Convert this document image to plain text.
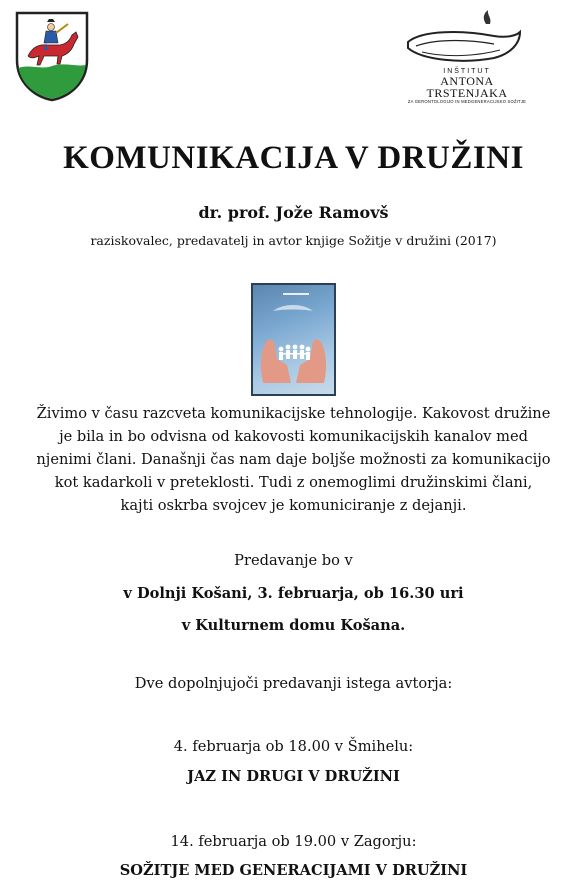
INŠTITUT
ANTONA TRSTENJAKA
ZA GERONTOLOGIJO IN MEDGENERACIJSKO SOŽITJE
KOMUNIKACIJA V DRUŽINI
dr. prof. Jože Ramovš
raziskovalec, predavatelj in avtor knjige Sožitje v družini (2017)
Živimo v času razcveta komunikacijske tehnologije. Kakovost družine
je bila in bo odvisna od kakovosti komunikacijskih kanalov med
njenimi člani. Današnji čas nam daje boljše možnosti za komunikacijo
kot kadarkoli v preteklosti. Tudi z onemoglimi družinskimi člani,
kajti oskrba svojcev je komuniciranje z dejanji.
Predavanje bo v
v Dolnji Košani, 3. februarja, ob 16.30 uri
v Kulturnem domu Košana.
Dve dopolnjujoči predavanji istega avtorja:
4. februarja ob 18.00 v Šmihelu:
JAZ IN DRUGI V DRUŽINI
14. februarja ob 19.00 v Zagorju:
SOŽITJE MED GENERACIJAMI V DRUŽINI
